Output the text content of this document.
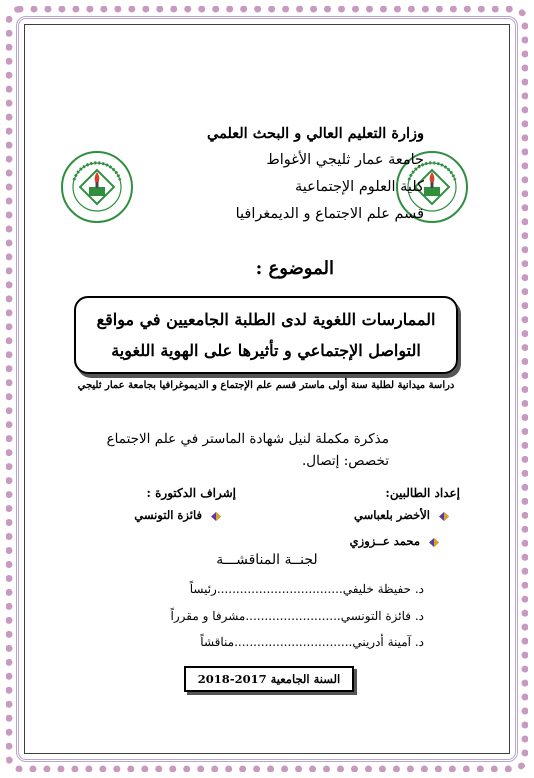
وزارة التعليم العالي و البحث العلمي
جامعة عمار ثليجي الأغواط
كلية العلوم الإجتماعية
قسم علم الاجتماع و الديمغرافيا
الموضوع :
الممارسات اللغوية لدى الطلبة الجامعيين في مواقع
التواصل الإجتماعي و تأثيرها على الهوية اللغوية
دراسة ميدانية لطلبة سنة أولى ماستر قسم علم الإجتماع و الديموغرافيا بجامعة عمار ثليجي
مذكرة مكملة لنيل شهادة الماستر في علم الاجتماع
تخصص: إتصال.
إعداد الطالبين:
إشراف الدكتورة :
الأخضر بلعباسي
محمد عــزوزي
فائزة التونسي
لجنــة المناقشـــة
د. حفيظة خليفي.................................رئيساً
د. فائزة التونسي.........................مشرفا و مقرراً
د. آمينة أدريني...............................مناقشاً
السنة الجامعية 2017-2018
